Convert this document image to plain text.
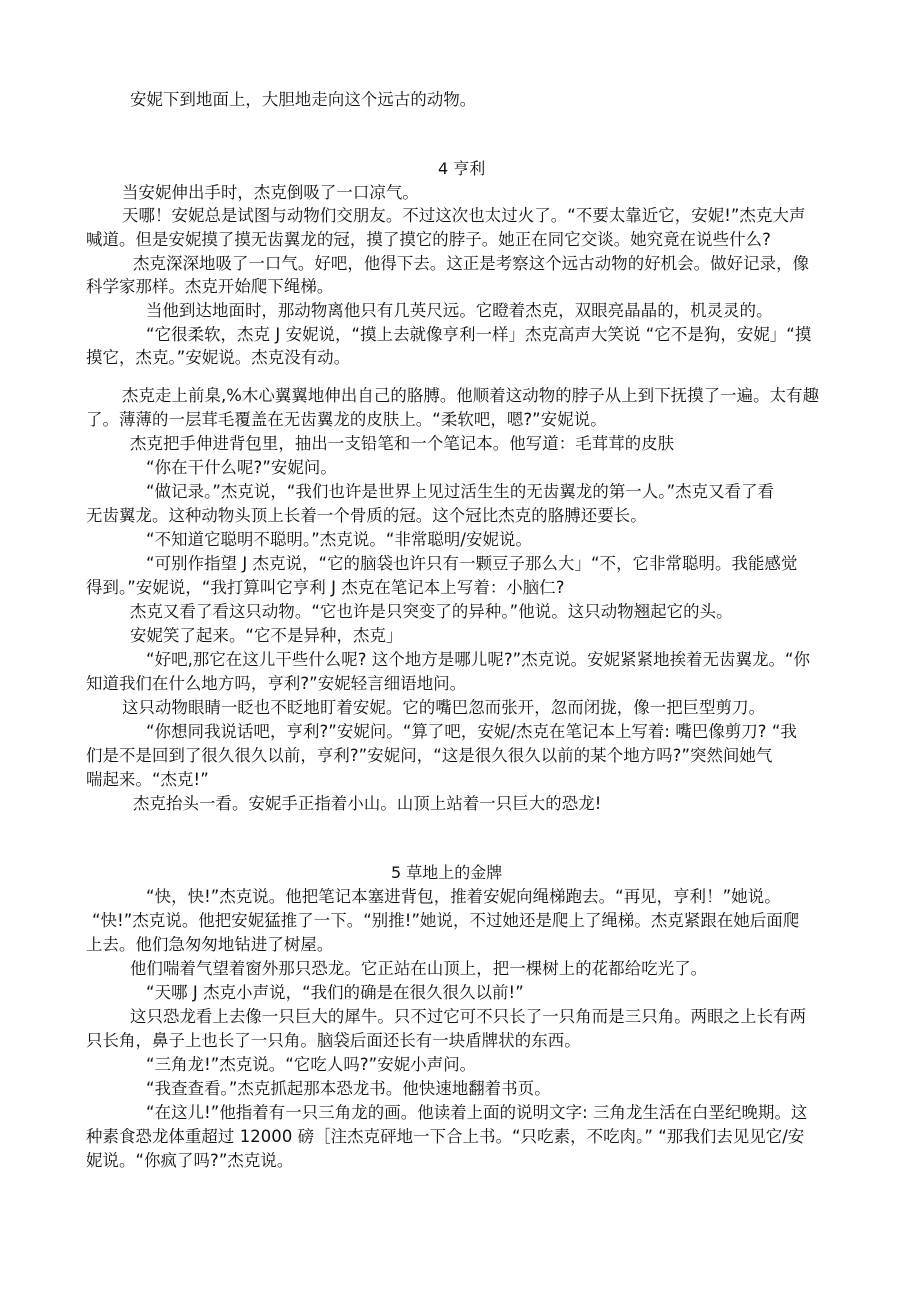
安妮下到地面上，大胆地走向这个远古的动物。
4 亨利
当安妮伸出手时，杰克倒吸了一口凉气。
天哪！安妮总是试图与动物们交朋友。不过这次也太过火了。“不要太靠近它，安妮!”杰克大声
喊道。但是安妮摸了摸无齿翼龙的冠，摸了摸它的脖子。她正在同它交谈。她究竟在说些什么?
杰克深深地吸了一口气。好吧，他得下去。这正是考察这个远古动物的好机会。做好记录，像
科学家那样。杰克开始爬下绳梯。
当他到达地面时，那动物离他只有几英尺远。它瞪着杰克，双眼亮晶晶的，机灵灵的。
“它很柔软，杰克 J 安妮说，“摸上去就像亨利一样」杰克高声大笑说 “它不是狗，安妮」“摸
摸它，杰克。”安妮说。杰克没有动。
杰克走上前臬,%木心翼翼地伸出自己的胳膊。他顺着这动物的脖子从上到下抚摸了一遍。太有趣
了。薄薄的一层茸毛覆盖在无齿翼龙的皮肤上。“柔软吧，嗯?”安妮说。
杰克把手伸进背包里，抽出一支铅笔和一个笔记本。他写道：毛茸茸的皮肤
“你在干什么呢?”安妮问。
“做记录。”杰克说，“我们也许是世界上见过活生生的无齿翼龙的第一人。”杰克又看了看
无齿翼龙。这种动物头顶上长着一个骨质的冠。这个冠比杰克的胳膊还要长。
“不知道它聪明不聪明。”杰克说。“非常聪明/安妮说。
“可别作指望 J 杰克说，“它的脑袋也许只有一颗豆子那么大」“不，它非常聪明。我能感觉
得到。”安妮说，“我打算叫它亨利 J 杰克在笔记本上写着：小脑仁?
杰克又看了看这只动物。“它也许是只突变了的异种。”他说。这只动物翘起它的头。
安妮笑了起来。“它不是异种，杰克」
“好吧,那它在这儿干些什么呢? 这个地方是哪儿呢?”杰克说。安妮紧紧地挨着无齿翼龙。“你
知道我们在什么地方吗，亨利?”安妮轻言细语地问。
这只动物眼睛一眨也不眨地盯着安妮。它的嘴巴忽而张开，忽而闭拢，像一把巨型剪刀。
“你想同我说话吧，亨利?”安妮问。“算了吧，安妮/杰克在笔记本上写着: 嘴巴像剪刀? “我
们是不是回到了很久很久以前，亨利?”安妮问，“这是很久很久以前的某个地方吗?”突然间她气
喘起来。“杰克!”
杰克抬头一看。安妮手正指着小山。山顶上站着一只巨大的恐龙!
5 草地上的金牌
“快，快!”杰克说。他把笔记本塞进背包，推着安妮向绳梯跑去。“再见，亨利！”她说。
“快!”杰克说。他把安妮猛推了一下。“别推!”她说，不过她还是爬上了绳梯。杰克紧跟在她后面爬
上去。他们急匆匆地钻进了树屋。
他们喘着气望着窗外那只恐龙。它正站在山顶上，把一棵树上的花都给吃光了。
“天哪 J 杰克小声说，“我们的确是在很久很久以前!”
这只恐龙看上去像一只巨大的犀牛。只不过它可不只长了一只角而是三只角。两眼之上长有两
只长角，鼻子上也长了一只角。脑袋后面还长有一块盾牌状的东西。
“三角龙!”杰克说。“它吃人吗?”安妮小声问。
“我查查看。”杰克抓起那本恐龙书。他快速地翻着书页。
“在这儿!”他指着有一只三角龙的画。他读着上面的说明文字: 三角龙生活在白垩纪晚期。这
种素食恐龙体重超过 12000 磅［注杰克砰地一下合上书。“只吃素，不吃肉。” “那我们去见见它/安
妮说。“你疯了吗?”杰克说。
